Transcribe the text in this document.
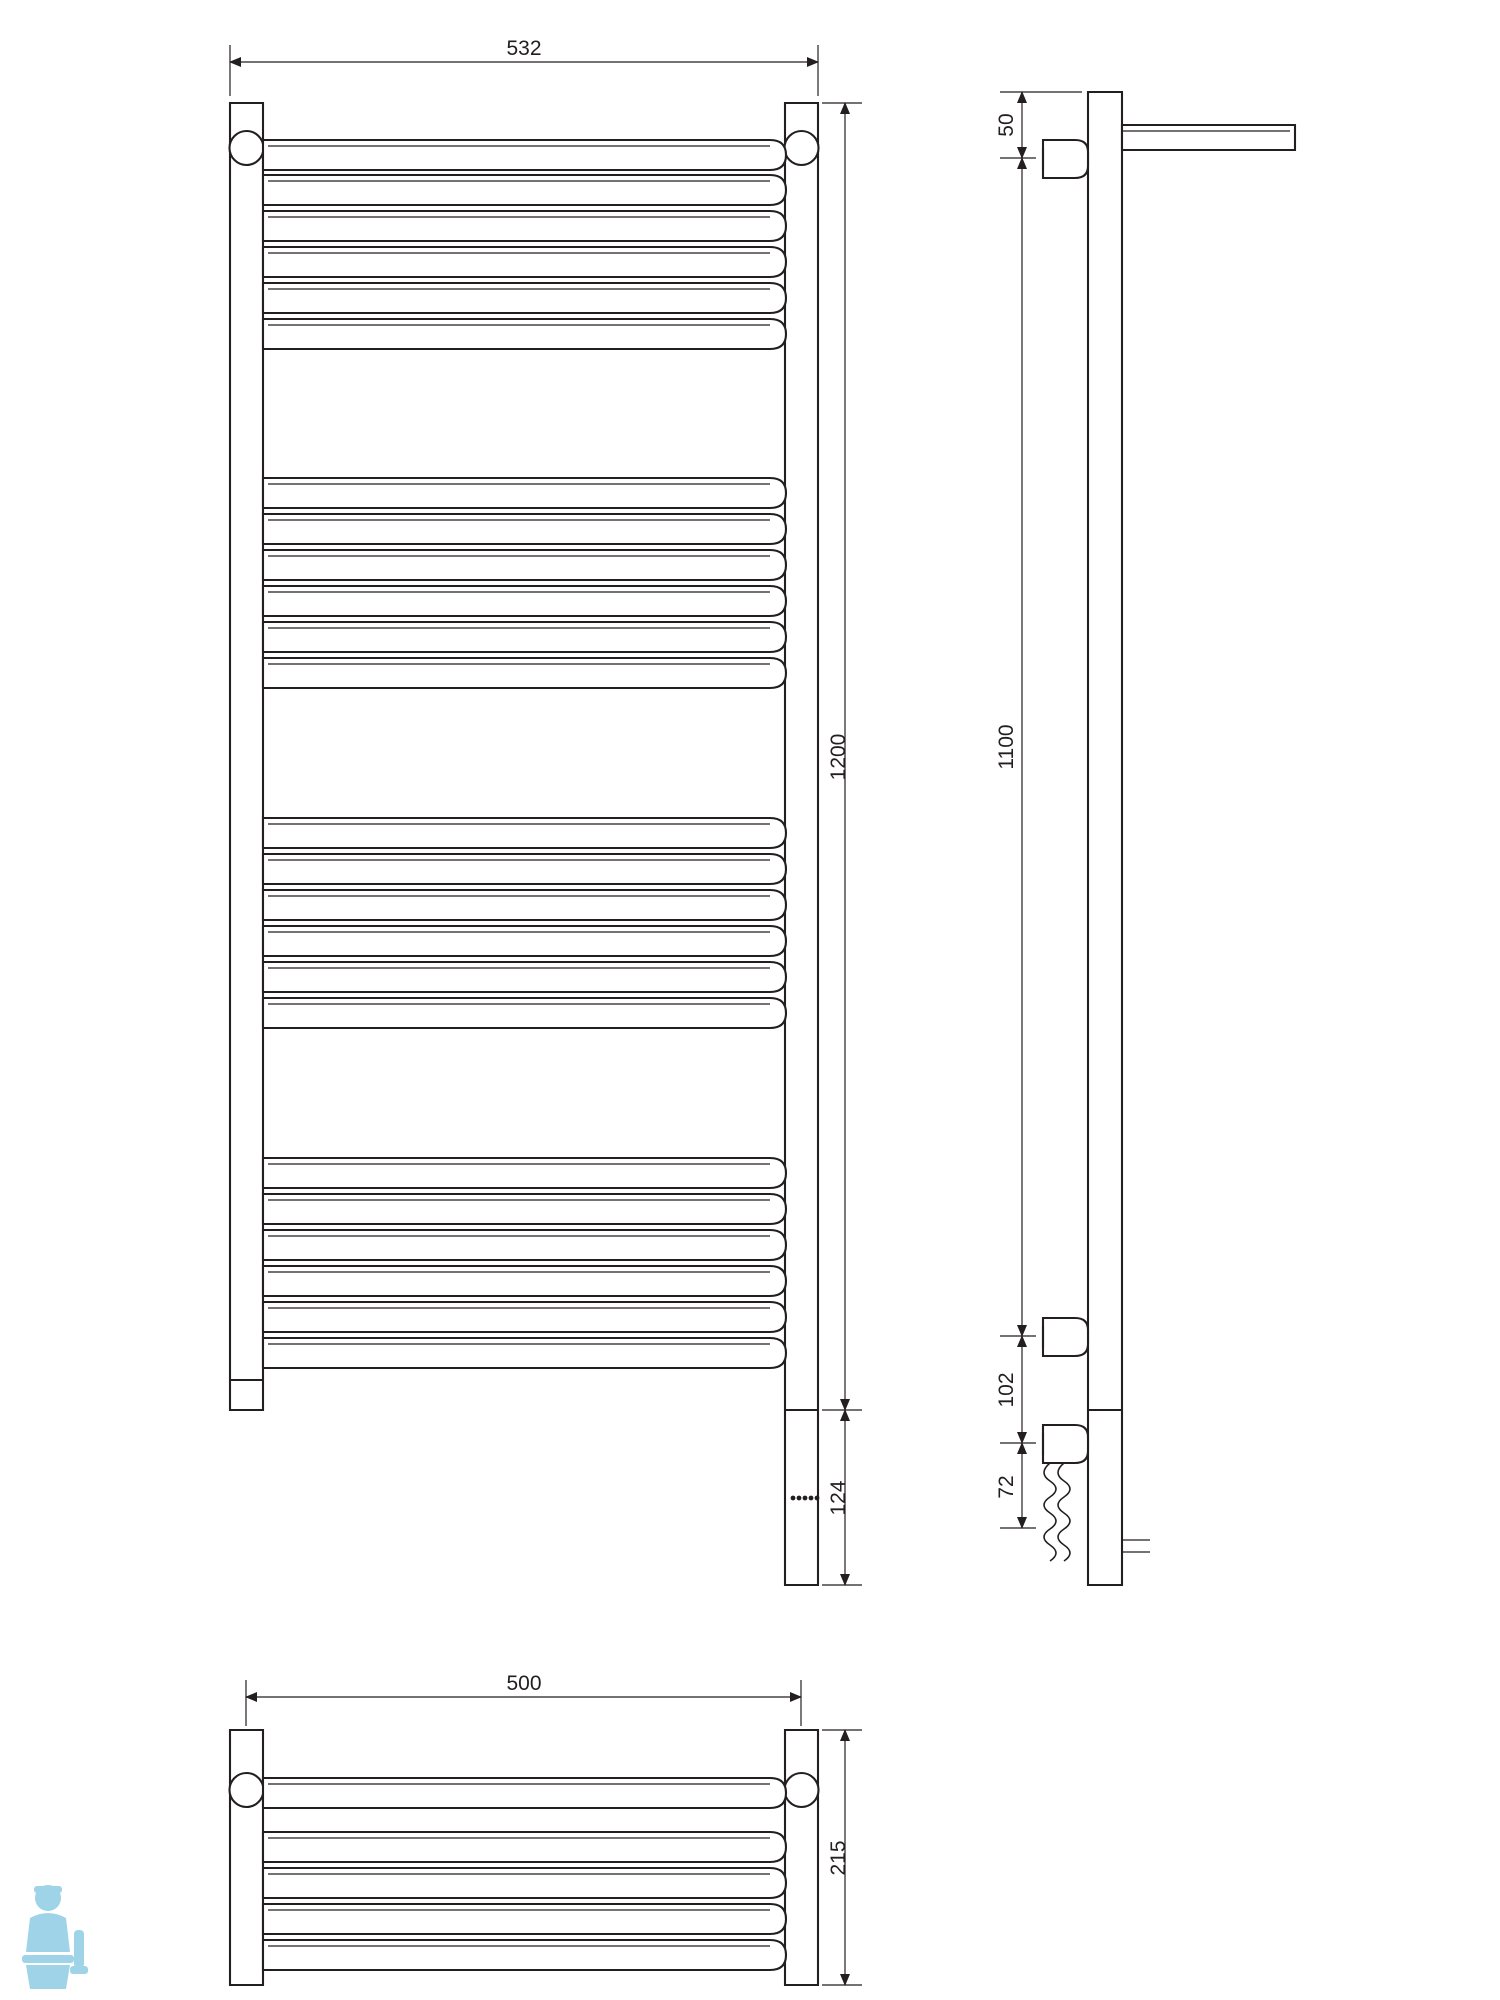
532
1200
124
50
1100
102
72
500
215
